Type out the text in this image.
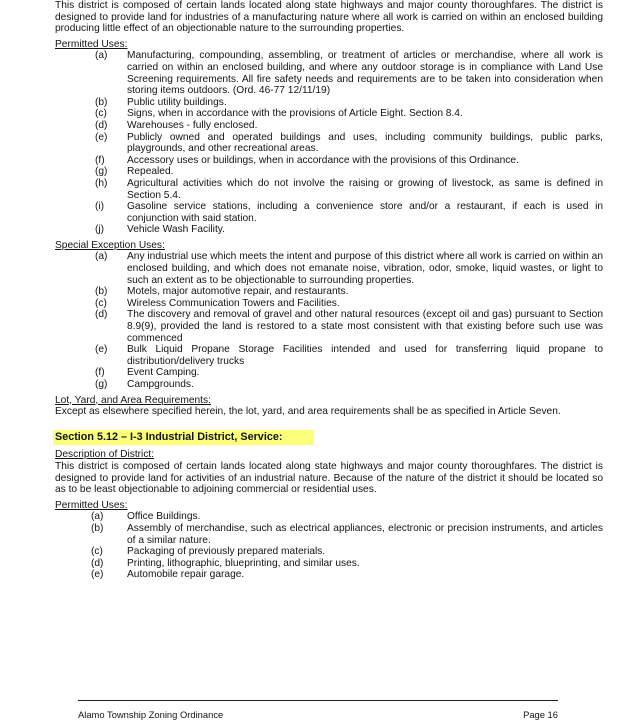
This district is composed of certain lands located along state highways and major county thoroughfares. The district is designed to provide land for industries of a manufacturing nature where all work is carried on within an enclosed building producing little effect of an objectionable nature to the surrounding properties.

Permitted Uses:
(a)	Manufacturing, compounding, assembling, or treatment of articles or merchandise, where all work is carried on within an enclosed building, and where any outdoor storage is in compliance with Land Use Screening requirements. All fire safety needs and requirements are to be taken into consideration when storing items outdoors. (Ord. 46-77 12/11/19)
(b)	Public utility buildings.
(c)	Signs, when in accordance with the provisions of Article Eight. Section 8.4.
(d)	Warehouses - fully enclosed.
(e)	Publicly owned and operated buildings and uses, including community buildings, public parks, playgrounds, and other recreational areas.
(f)	Accessory uses or buildings, when in accordance with the provisions of this Ordinance.
(g)	Repealed.
(h)	Agricultural activities which do not involve the raising or growing of livestock, as same is defined in Section 5.4.
(i)	Gasoline service stations, including a convenience store and/or a restaurant, if each is used in conjunction with said station.
(j)	Vehicle Wash Facility.
Special Exception Uses:
(a)	Any industrial use which meets the intent and purpose of this district where all work is carried on within an enclosed building, and which does not emanate noise, vibration, odor, smoke, liquid wastes, or light to such an extent as to be objectionable to surrounding properties.
(b)	Motels, major automotive repair, and restaurants.
(c)	Wireless Communication Towers and Facilities.
(d)	The discovery and removal of gravel and other natural resources (except oil and gas) pursuant to Section 8.9(9), provided the land is restored to a state most consistent with that existing before such use was commenced
(e)	Bulk Liquid Propane Storage Facilities intended and used for transferring liquid propane to distribution/delivery trucks
(f)	Event Camping.
(g)	Campgrounds.
Lot, Yard, and Area Requirements:

Except as elsewhere specified herein, the lot, yard, and area requirements shall be as specified in Article Seven.

Section 5.12 – I-3 Industrial District, Service:
Description of District:

This district is composed of certain lands located along state highways and major county thoroughfares. The district is designed to provide land for activities of an industrial nature. Because of the nature of the district it should be located so as to be least objectionable to adjoining commercial or residential uses.

Permitted Uses:
(a)	Office Buildings.
(b)	Assembly of merchandise, such as electrical appliances, electronic or precision instruments, and articles of a similar nature.
(c)	Packaging of previously prepared materials.
(d)	Printing, lithographic, blueprinting, and similar uses.
(e)	Automobile repair garage.
Alamo Township Zoning Ordinance	Page 16
